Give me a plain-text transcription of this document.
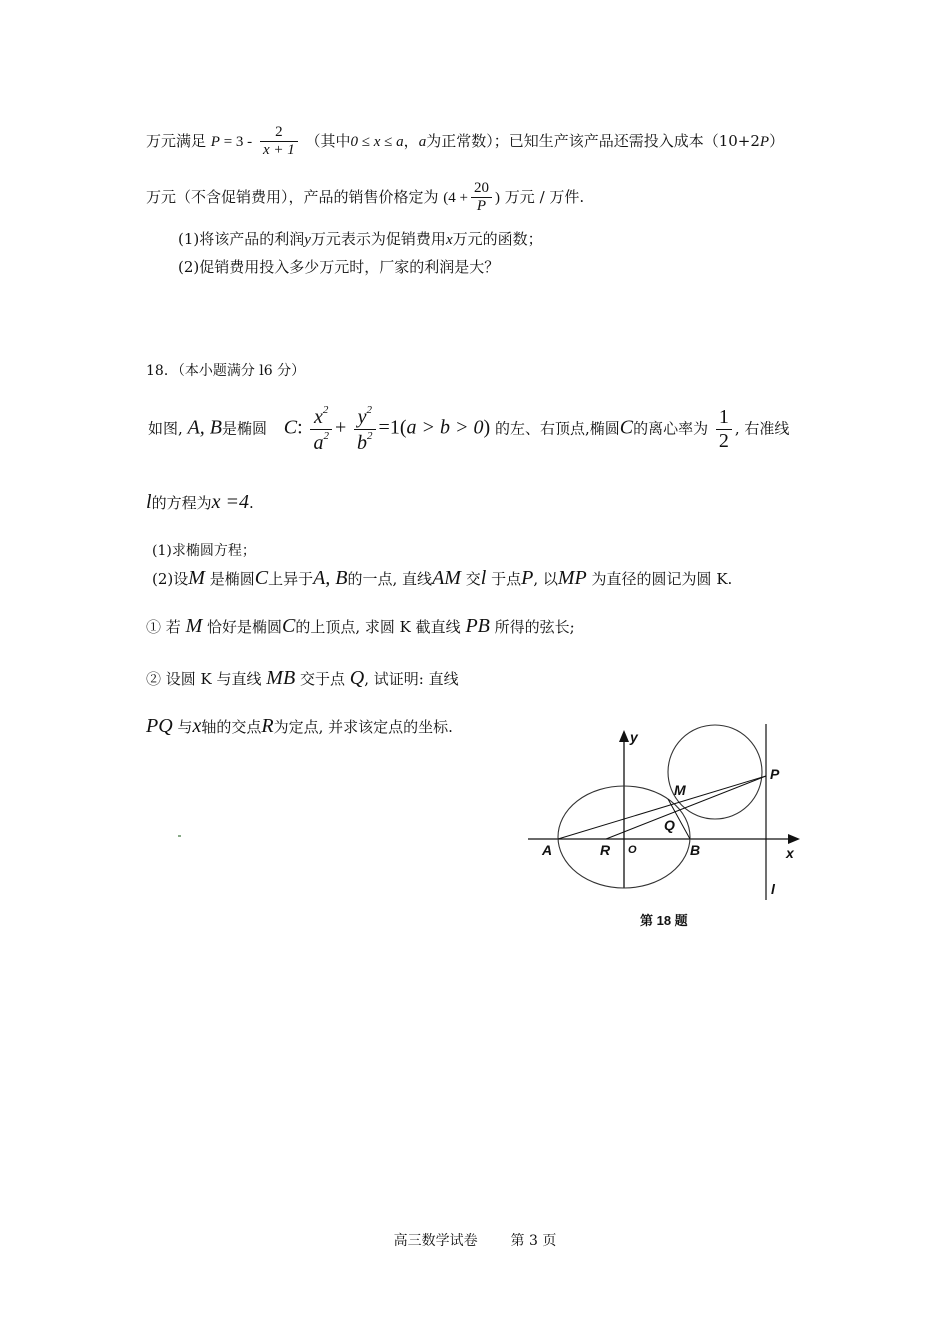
万元满足 $P = 3 - \frac{2}{x + 1}$ （其中0 ≤ x ≤ a，a为正常数）；已知生产该产品还需投入成本（10+2P）
万元（不含促销费用），产品的销售价格定为 ($4 + \frac{20}{P}$ ) 万元 / 万件.
(1)将该产品的利润y万元表示为促销费用x万元的函数；
(2)促销费用投入多少万元时，厂家的利润是大？
18．（本小题满分 l6 分）
如图, A, B是椭圆 C: $\frac{x^2}{a^2} + \frac{y^2}{b^2} =1(a > b > 0)$ 的左、右顶点,椭圆C的离心率为 $\frac{1}{2}$ , 右准线
l的方程为x =4.
(1)求椭圆方程；
(2)设M 是椭圆C上异于A, B的一点, 直线AM 交l 于点P, 以MP 为直径的圆记为圆 K.
① 若 M 恰好是椭圆C的上顶点, 求圆 K 截直线 PB 所得的弦长;
② 设圆 K 与直线 MB 交于点 Q, 试证明: 直线
PQ 与x轴的交点R为定点, 并求该定点的坐标.
y
x
P
M
Q
A	R O	B
l
第 18 题
高三数学试卷 第 3 页
